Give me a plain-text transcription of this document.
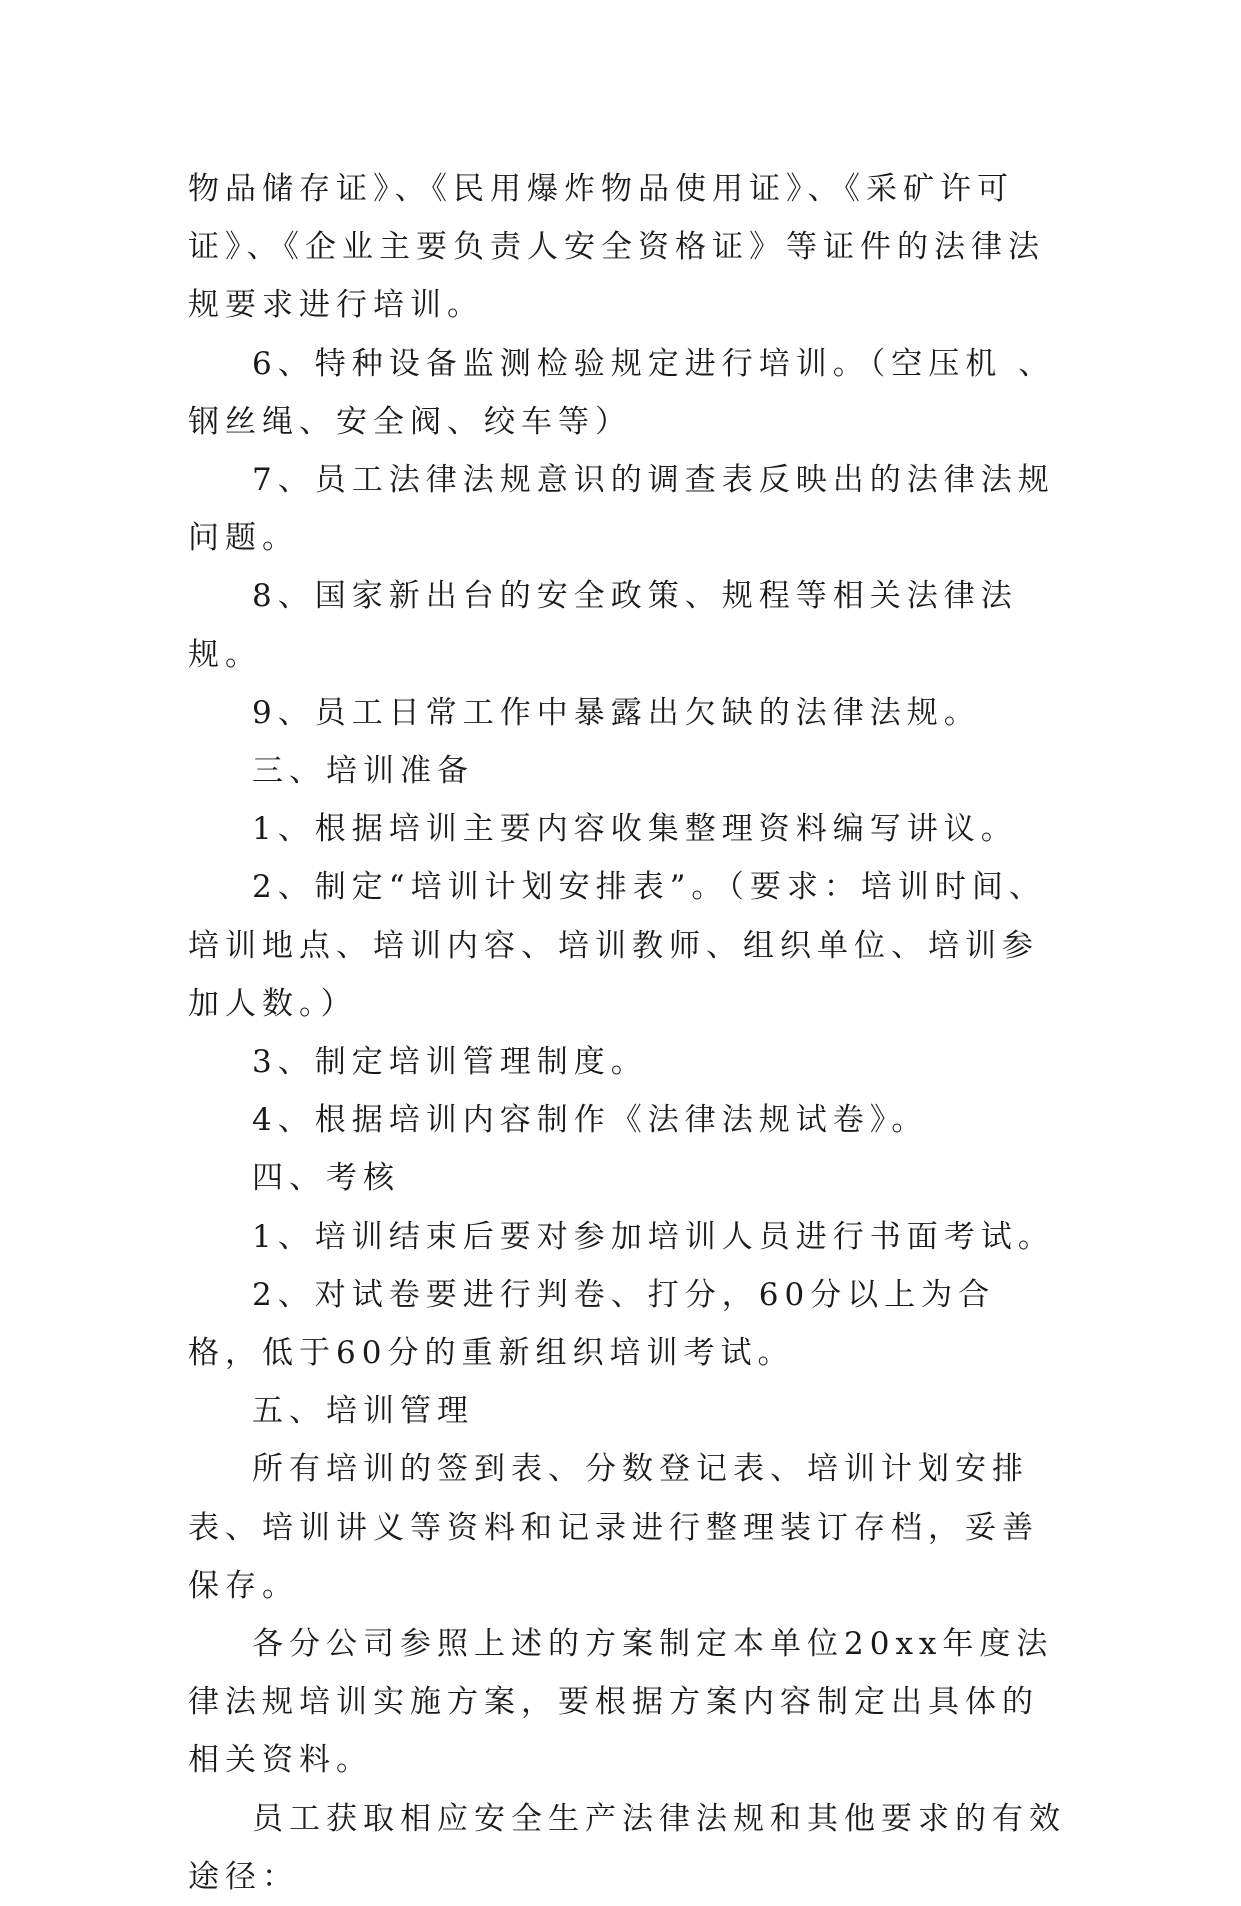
物品储存证》、《民用爆炸物品使用证》、《采矿许可证》、《企业主要负责人安全资格证》等证件的法律法规要求进行培训。

6、特种设备监测检验规定进行培训。（空压机 、钢丝绳、安全阀、绞车等）

7、员工法律法规意识的调查表反映出的法律法规问题。

8、国家新出台的安全政策、规程等相关法律法规。

9、员工日常工作中暴露出欠缺的法律法规。

三、培训准备

1、根据培训主要内容收集整理资料编写讲议。

2、制定“培训计划安排表”。（要求：培训时间、培训地点、培训内容、培训教师、组织单位、培训参加人数。）

3、制定培训管理制度。

4、根据培训内容制作《法律法规试卷》。

四、考核

1、培训结束后要对参加培训人员进行书面考试。

2、对试卷要进行判卷、打分，60分以上为合格，低于60分的重新组织培训考试。

五、培训管理

所有培训的签到表、分数登记表、培训计划安排表、培训讲义等资料和记录进行整理装订存档，妥善保存。

各分公司参照上述的方案制定本单位20xx年度法律法规培训实施方案，要根据方案内容制定出具体的相关资料。

员工获取相应安全生产法律法规和其他要求的有效途径：
